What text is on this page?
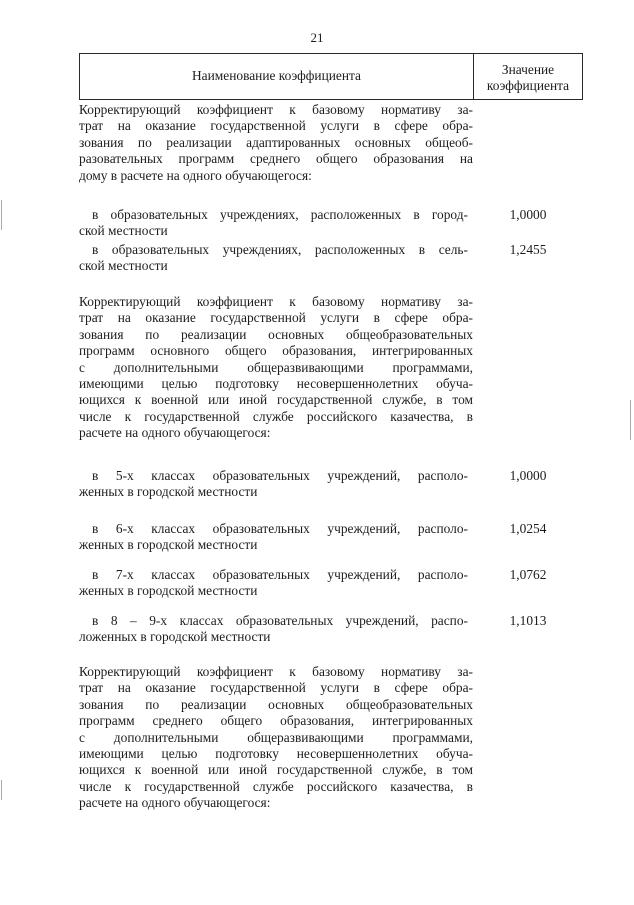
21
Наименование коэффициента	Значение
коэффициента
Корректирующий коэффициент к базовому нормативу за-
трат на оказание государственной услуги в сфере обра-
зования по реализации адаптированных основных общеоб-
разовательных программ среднего общего образования на
дому в расчете на одного обучающегося:
в образовательных учреждениях, расположенных в город-
ской местности
1,0000
в образовательных учреждениях, расположенных в сель-
ской местности
1,2455
Корректирующий коэффициент к базовому нормативу за-
трат на оказание государственной услуги в сфере обра-
зования по реализации основных общеобразовательных
программ основного общего образования, интегрированных
с дополнительными общеразвивающими программами,
имеющими целью подготовку несовершеннолетних обуча-
ющихся к военной или иной государственной службе, в том
числе к государственной службе российского казачества, в
расчете на одного обучающегося:
в 5-х классах образовательных учреждений, располо-
женных в городской местности
1,0000
в 6-х классах образовательных учреждений, располо-
женных в городской местности
1,0254
в 7-х классах образовательных учреждений, располо-
женных в городской местности
1,0762
в 8 – 9-х классах образовательных учреждений, распо-
ложенных в городской местности
1,1013
Корректирующий коэффициент к базовому нормативу за-
трат на оказание государственной услуги в сфере обра-
зования по реализации основных общеобразовательных
программ среднего общего образования, интегрированных
с дополнительными общеразвивающими программами,
имеющими целью подготовку несовершеннолетних обуча-
ющихся к военной или иной государственной службе, в том
числе к государственной службе российского казачества, в
расчете на одного обучающегося:
